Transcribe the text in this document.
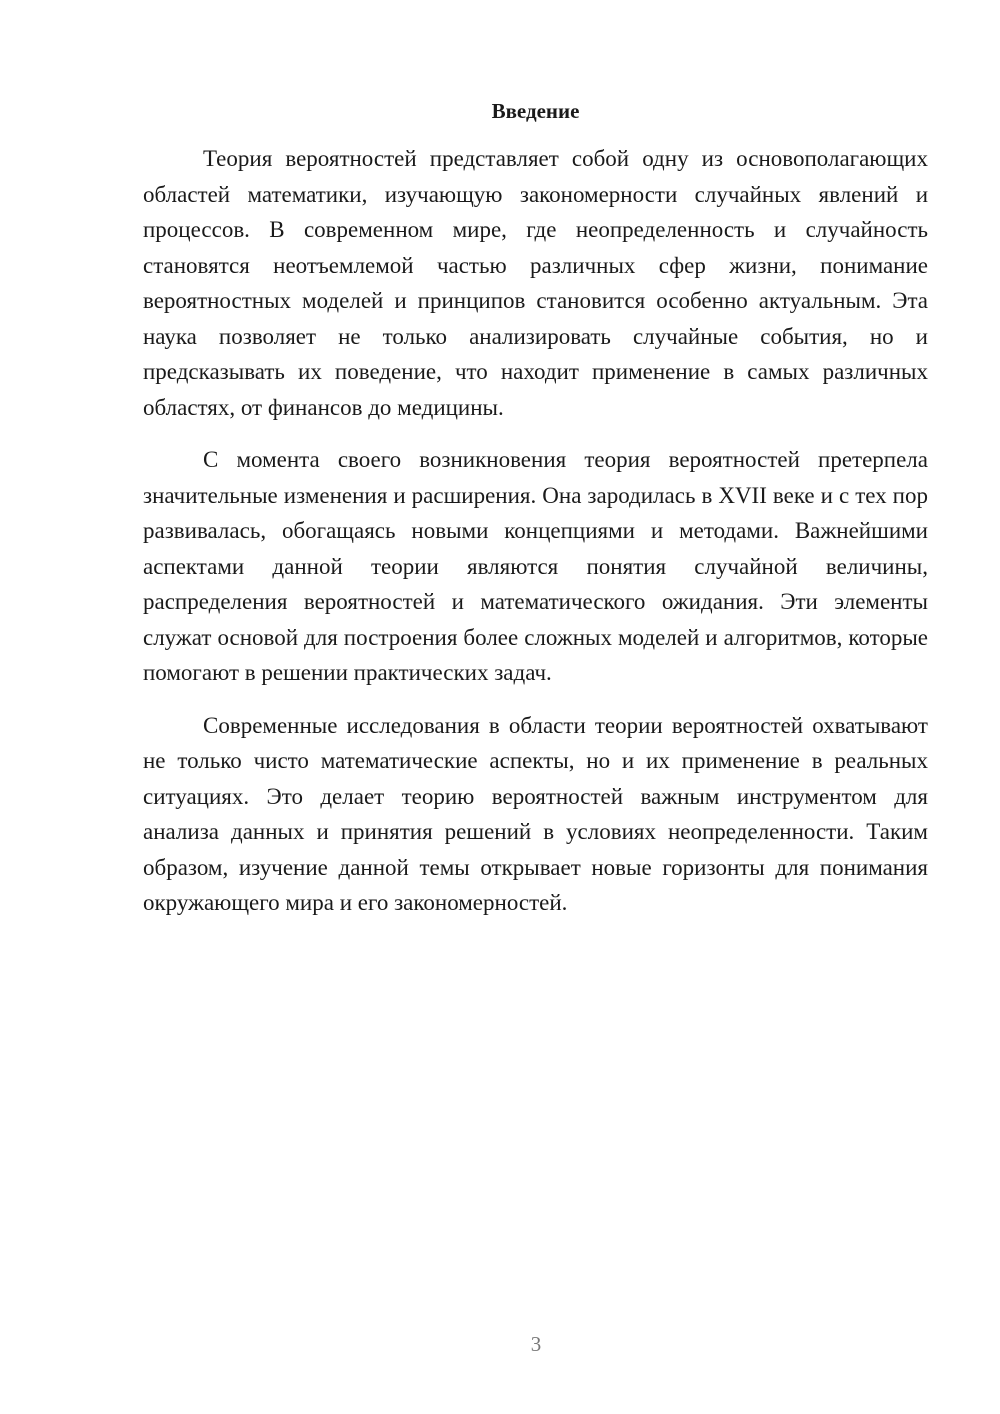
Введение

Теория вероятностей представляет собой одну из основополагающих областей математики, изучающую закономерности случайных явлений и процессов. В современном мире, где неопределенность и случайность становятся неотъемлемой частью различных сфер жизни, понимание вероятностных моделей и принципов становится особенно актуальным. Эта наука позволяет не только анализировать случайные события, но и предсказывать их поведение, что находит применение в самых различных областях, от финансов до медицины.

С момента своего возникновения теория вероятностей претерпела значительные изменения и расширения. Она зародилась в XVII веке и с тех пор развивалась, обогащаясь новыми концепциями и методами. Важнейшими аспектами данной теории являются понятия случайной величины, распределения вероятностей и математического ожидания. Эти элементы служат основой для построения более сложных моделей и алгоритмов, которые помогают в решении практических задач.

Современные исследования в области теории вероятностей охватывают не только чисто математические аспекты, но и их применение в реальных ситуациях. Это делает теорию вероятностей важным инструментом для анализа данных и принятия решений в условиях неопределенности. Таким образом, изучение данной темы открывает новые горизонты для понимания окружающего мира и его закономерностей.

3
